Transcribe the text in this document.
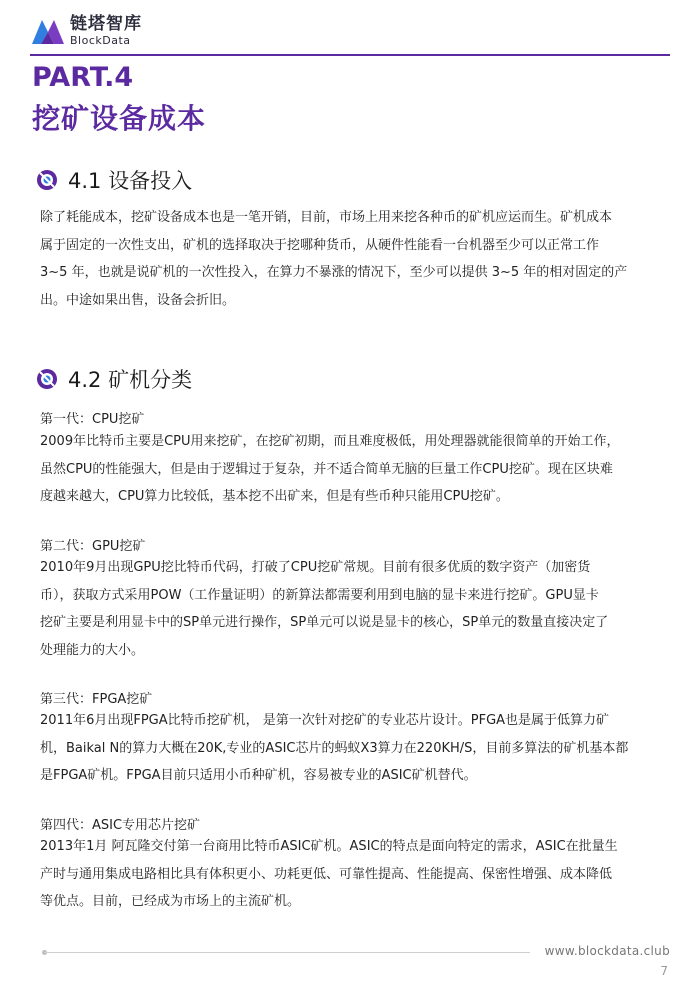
链塔智库
BlockData
PART.4
挖矿设备成本
4.1 设备投入

除了耗能成本，挖矿设备成本也是一笔开销，目前，市场上用来挖各种币的矿机应运而生。矿机成本
属于固定的一次性支出，矿机的选择取决于挖哪种货币，从硬件性能看一台机器至少可以正常工作
3~5 年，也就是说矿机的一次性投入，在算力不暴涨的情况下，至少可以提供 3~5 年的相对固定的产
出。中途如果出售，设备会折旧。

4.2 矿机分类
第一代：CPU挖矿

2009年比特币主要是CPU用来挖矿，在挖矿初期，而且难度极低，用处理器就能很简单的开始工作，
虽然CPU的性能强大，但是由于逻辑过于复杂，并不适合简单无脑的巨量工作CPU挖矿。现在区块难
度越来越大，CPU算力比较低，基本挖不出矿来，但是有些币种只能用CPU挖矿。

第二代：GPU挖矿

2010年9月出现GPU挖比特币代码，打破了CPU挖矿常规。目前有很多优质的数字资产（加密货
币），获取方式采用POW（工作量证明）的新算法都需要利用到电脑的显卡来进行挖矿。GPU显卡
挖矿主要是利用显卡中的SP单元进行操作，SP单元可以说是显卡的核心，SP单元的数量直接决定了
处理能力的大小。

第三代：FPGA挖矿

2011年6月出现FPGA比特币挖矿机， 是第一次针对挖矿的专业芯片设计。PFGA也是属于低算力矿
机，Baikal N的算力大概在20K,专业的ASIC芯片的蚂蚁X3算力在220KH/S，目前多算法的矿机基本都
是FPGA矿机。FPGA目前只适用小币种矿机，容易被专业的ASIC矿机替代。

第四代：ASIC专用芯片挖矿

2013年1月 阿瓦隆交付第一台商用比特币ASIC矿机。ASIC的特点是面向特定的需求，ASIC在批量生
产时与通用集成电路相比具有体积更小、功耗更低、可靠性提高、性能提高、保密性增强、成本降低
等优点。目前，已经成为市场上的主流矿机。

www.blockdata.club
7
